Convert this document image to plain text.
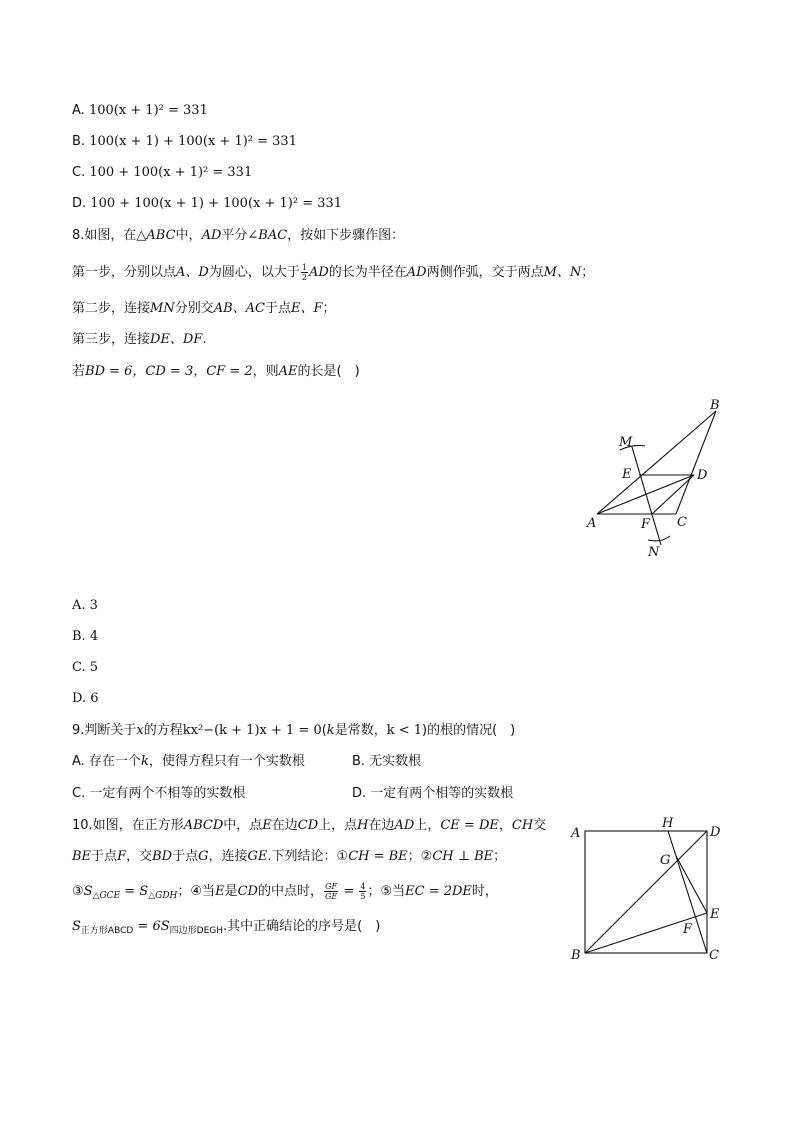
A. 100(x + 1)² = 331
B. 100(x + 1) + 100(x + 1)² = 331
C. 100 + 100(x + 1)² = 331
D. 100 + 100(x + 1) + 100(x + 1)² = 331
8.如图，在△ABC中，AD平分∠BAC，按如下步骤作图：
第一步，分别以点A、D为圆心，以大于 $\frac{1}{2}$ AD的长为半径在AD两侧作弧，交于两点M、N；
第二步，连接MN分别交AB、AC于点E、F；
第三步，连接DE、DF.
若BD = 6，CD = 3，CF = 2，则AE的长是(　)
B
M
E	D
A	F C
N
A. 3
B. 4
C. 5
D. 6
9.判断关于x的方程kx²−(k + 1)x + 1 = 0(k是常数，k < 1)的根的情况(　)
A. 存在一个k，使得方程只有一个实数根	B. 无实数根
C. 一定有两个不相等的实数根	D. 一定有两个相等的实数根
10.如图，在正方形ABCD中，点E在边CD上，点H在边AD上，CE = DE，CH交
BE于点F，交BD于点G，连接GE.下列结论：①CH = BE；②CH ⊥ BE；
$③S_{\triangle GCE} = S_{\triangle GDH}$；④当E是CD的中点时， $\frac{GF}{GE} = \frac{4}{5}$ ；⑤当EC = 2DE时，
$S_{正方形ABCD} = 6S_{四边形DEGH}$.其中正确结论的序号是(　)
A
H
D
G
E
F
B	C
